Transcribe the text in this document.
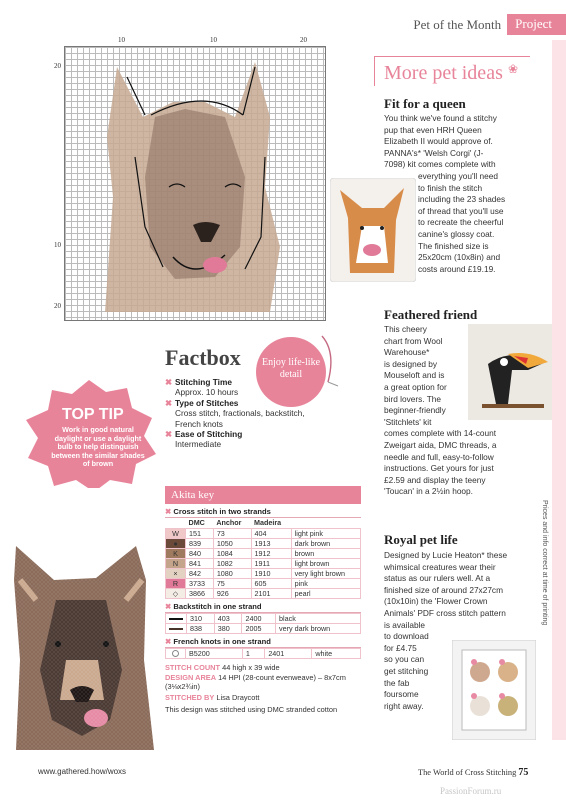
Pet of the Month	Project
Prices and info correct at time of printing
10	10	20
20
10
20
More pet ideas ❀
Fit for a queen
You think we've found a stitchy
pup that even HRH Queen
Elizabeth II would approve of.
PANNA's* 'Welsh Corgi' (J-
7098) kit comes complete with
everything you'll need
to finish the stitch
including the 23 shades
of thread that you'll use
to recreate the cheerful
canine's glossy coat.
The finished size is
25x20cm (10x8in) and
costs around £19.19.
Feathered friend
This cheery
chart from Wool
Warehouse*
is designed by
Mouseloft and is
a great option for
bird lovers. The
beginner-friendly
'Stitchlets' kit
comes complete with 14-count
Zweigart aida, DMC threads, a
needle and full, easy-to-follow
instructions. Get yours for just
£2.59 and display the teeny
'Toucan' in a 2½in hoop.
Royal pet life
Designed by Lucie Heaton* these
whimsical creatures wear their
status as our rulers well. At a
finished size of around 27x27cm
(10x10in) the 'Flower Crown
Animals' PDF cross stitch pattern
is available
to download
for £4.75
so you can
get stitching
the fab
foursome
right away.
Factbox
✖ Stitching Time
Approx. 10 hours
✖ Type of Stitches
Cross stitch, fractionals, backstitch, French knots
✖ Ease of Stitching
Intermediate
Enjoy life-like detail
TOP TIP
Work in good natural daylight or use a daylight bulb to help distinguish between the similar shades of brown
Akita key
✖ Cross stitch in two strands
	DMC	Anchor	Madeira	
W	151	73	404	light pink
●	839	1050	1913	dark brown
K	840	1084	1912	brown
N	841	1082	1911	light brown
×	842	1080	1910	very light brown
R	3733	75	605	pink
◇	3866	926	2101	pearl
✖ Backstitch in one strand
	310	403	2400	black
	838	380	2005	very dark brown
✖ French knots in one strand
	B5200	1	2401	white
STITCH COUNT 44 high x 39 wide
DESIGN AREA 14 HPI (28-count evenweave) – 8x7cm (3⅛x2¾in)
STITCHED BY Lisa Draycott
This design was stitched using DMC stranded cotton
www.gathered.how/woxs	The World of Cross Stitching 75
PassionForum.ru
